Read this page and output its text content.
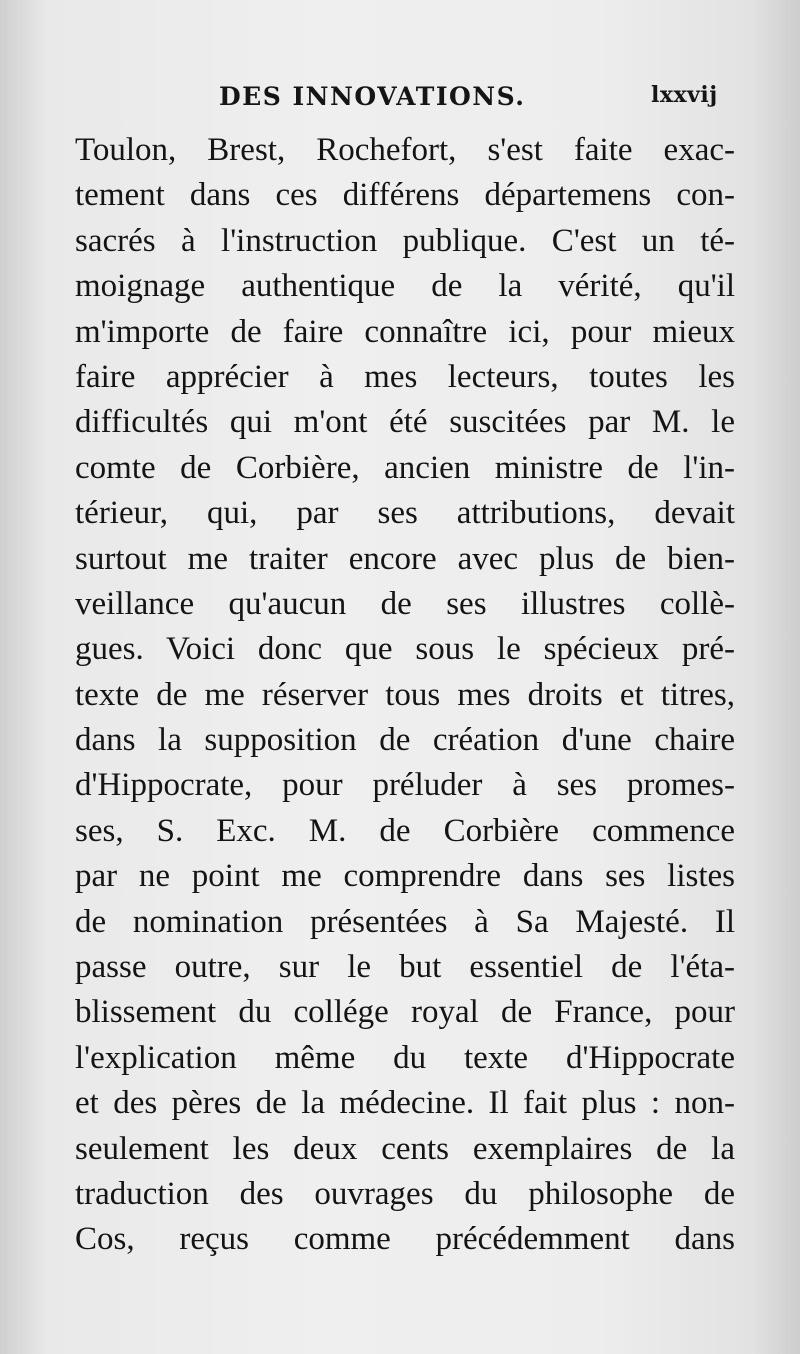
DES INNOVATIONS.	lxxvij
Toulon, Brest, Rochefort, s'est faite exac-
tement dans ces différens départemens con-
sacrés à l'instruction publique. C'est un té-
moignage authentique de la vérité, qu'il
m'importe de faire connaître ici, pour mieux
faire apprécier à mes lecteurs, toutes les
difficultés qui m'ont été suscitées par M. le
comte de Corbière, ancien ministre de l'in-
térieur, qui, par ses attributions, devait
surtout me traiter encore avec plus de bien-
veillance qu'aucun de ses illustres collè-
gues. Voici donc que sous le spécieux pré-
texte de me réserver tous mes droits et titres,
dans la supposition de création d'une chaire
d'Hippocrate, pour préluder à ses promes-
ses, S. Exc. M. de Corbière commence
par ne point me comprendre dans ses listes
de nomination présentées à Sa Majesté. Il
passe outre, sur le but essentiel de l'éta-
blissement du collége royal de France, pour
l'explication même du texte d'Hippocrate
et des pères de la médecine. Il fait plus : non-
seulement les deux cents exemplaires de la
traduction des ouvrages du philosophe de
Cos, reçus comme précédemment dans
